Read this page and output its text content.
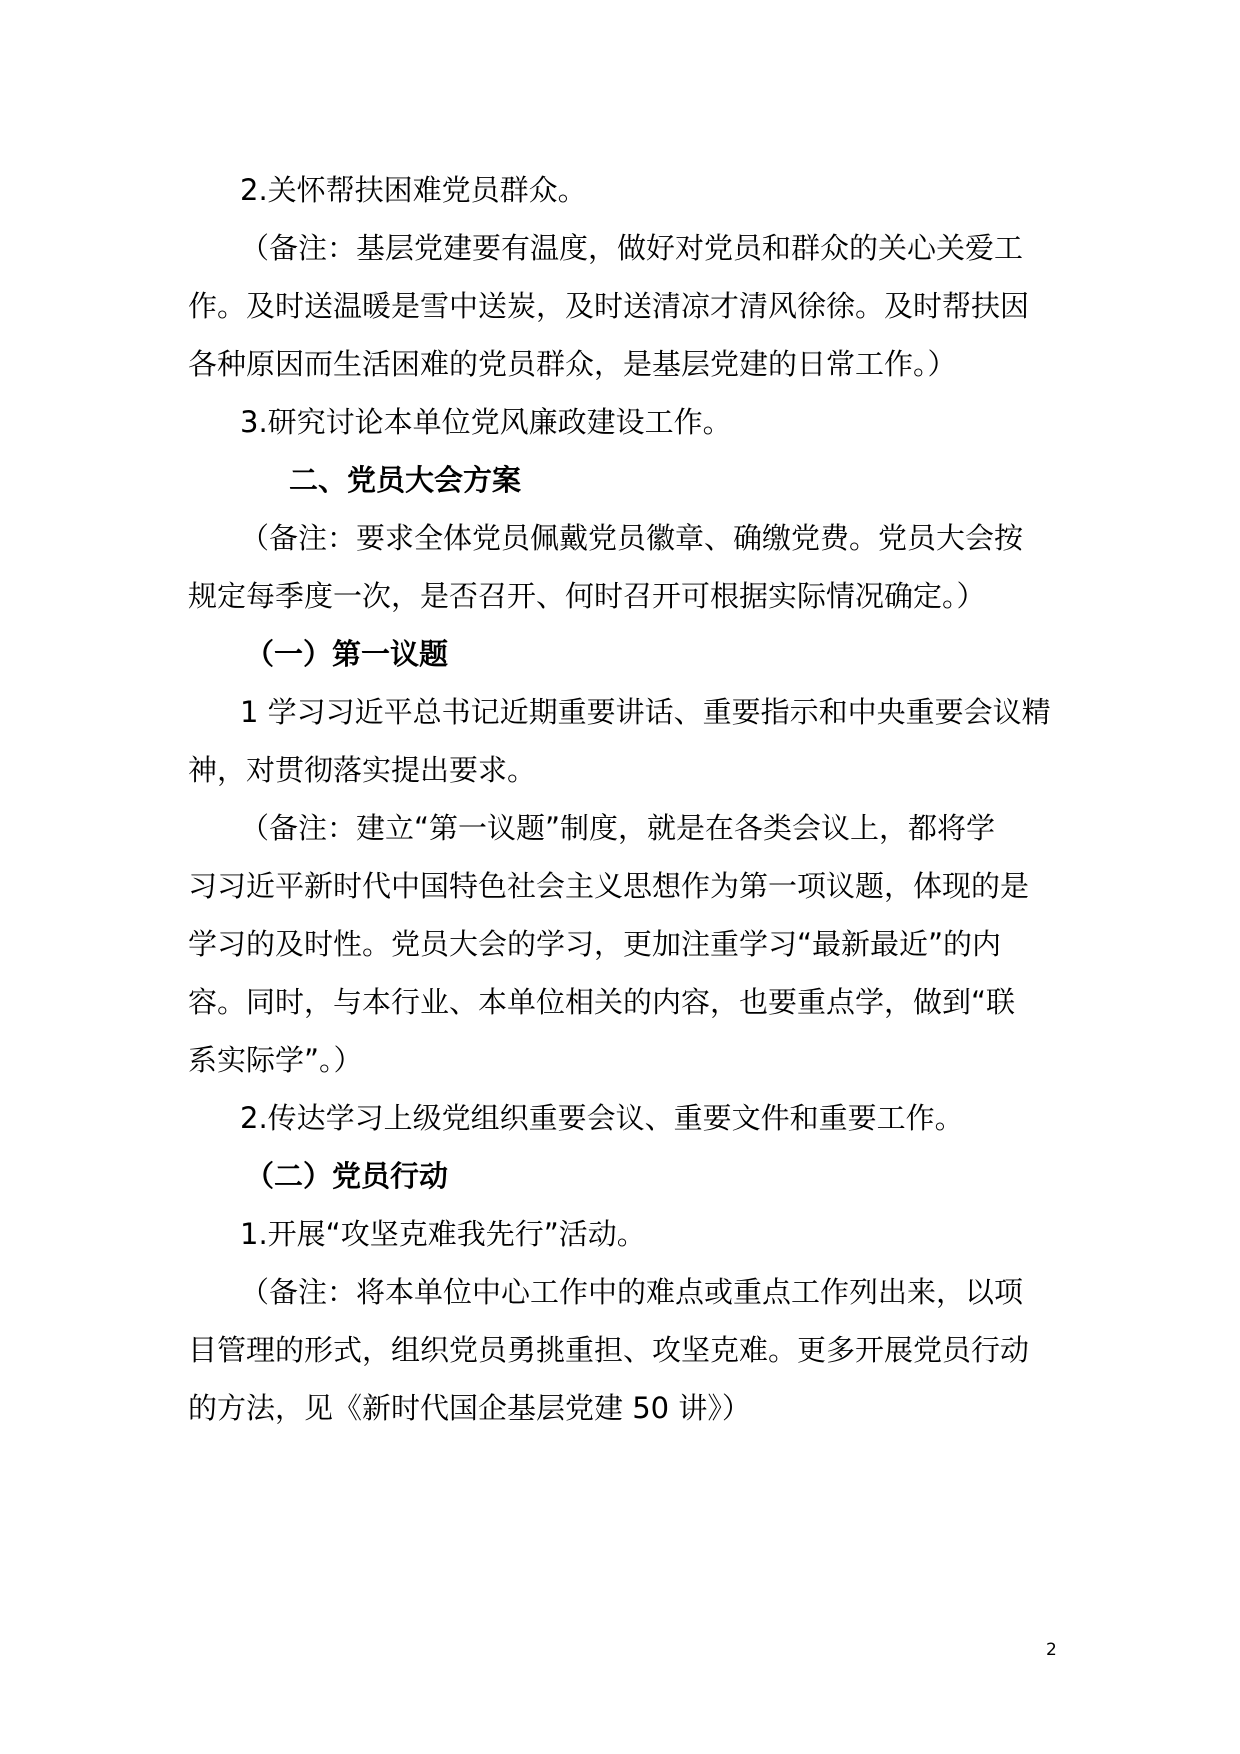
2.关怀帮扶困难党员群众。
（备注：基层党建要有温度，做好对党员和群众的关心关爱工
作。及时送温暖是雪中送炭，及时送清凉才清风徐徐。及时帮扶因
各种原因而生活困难的党员群众，是基层党建的日常工作。）
3.研究讨论本单位党风廉政建设工作。
二、党员大会方案
（备注：要求全体党员佩戴党员徽章、确缴党费。党员大会按
规定每季度一次，是否召开、何时召开可根据实际情况确定。）
（一）第一议题
1 学习习近平总书记近期重要讲话、重要指示和中央重要会议精
神，对贯彻落实提出要求。
（备注：建立“第一议题”制度，就是在各类会议上，都将学
习习近平新时代中国特色社会主义思想作为第一项议题，体现的是
学习的及时性。党员大会的学习，更加注重学习“最新最近”的内
容。同时，与本行业、本单位相关的内容，也要重点学，做到“联
系实际学”。）
2.传达学习上级党组织重要会议、重要文件和重要工作。
（二）党员行动
1.开展“攻坚克难我先行”活动。
（备注：将本单位中心工作中的难点或重点工作列出来，以项
目管理的形式，组织党员勇挑重担、攻坚克难。更多开展党员行动
的方法，见《新时代国企基层党建 50 讲》）
2
